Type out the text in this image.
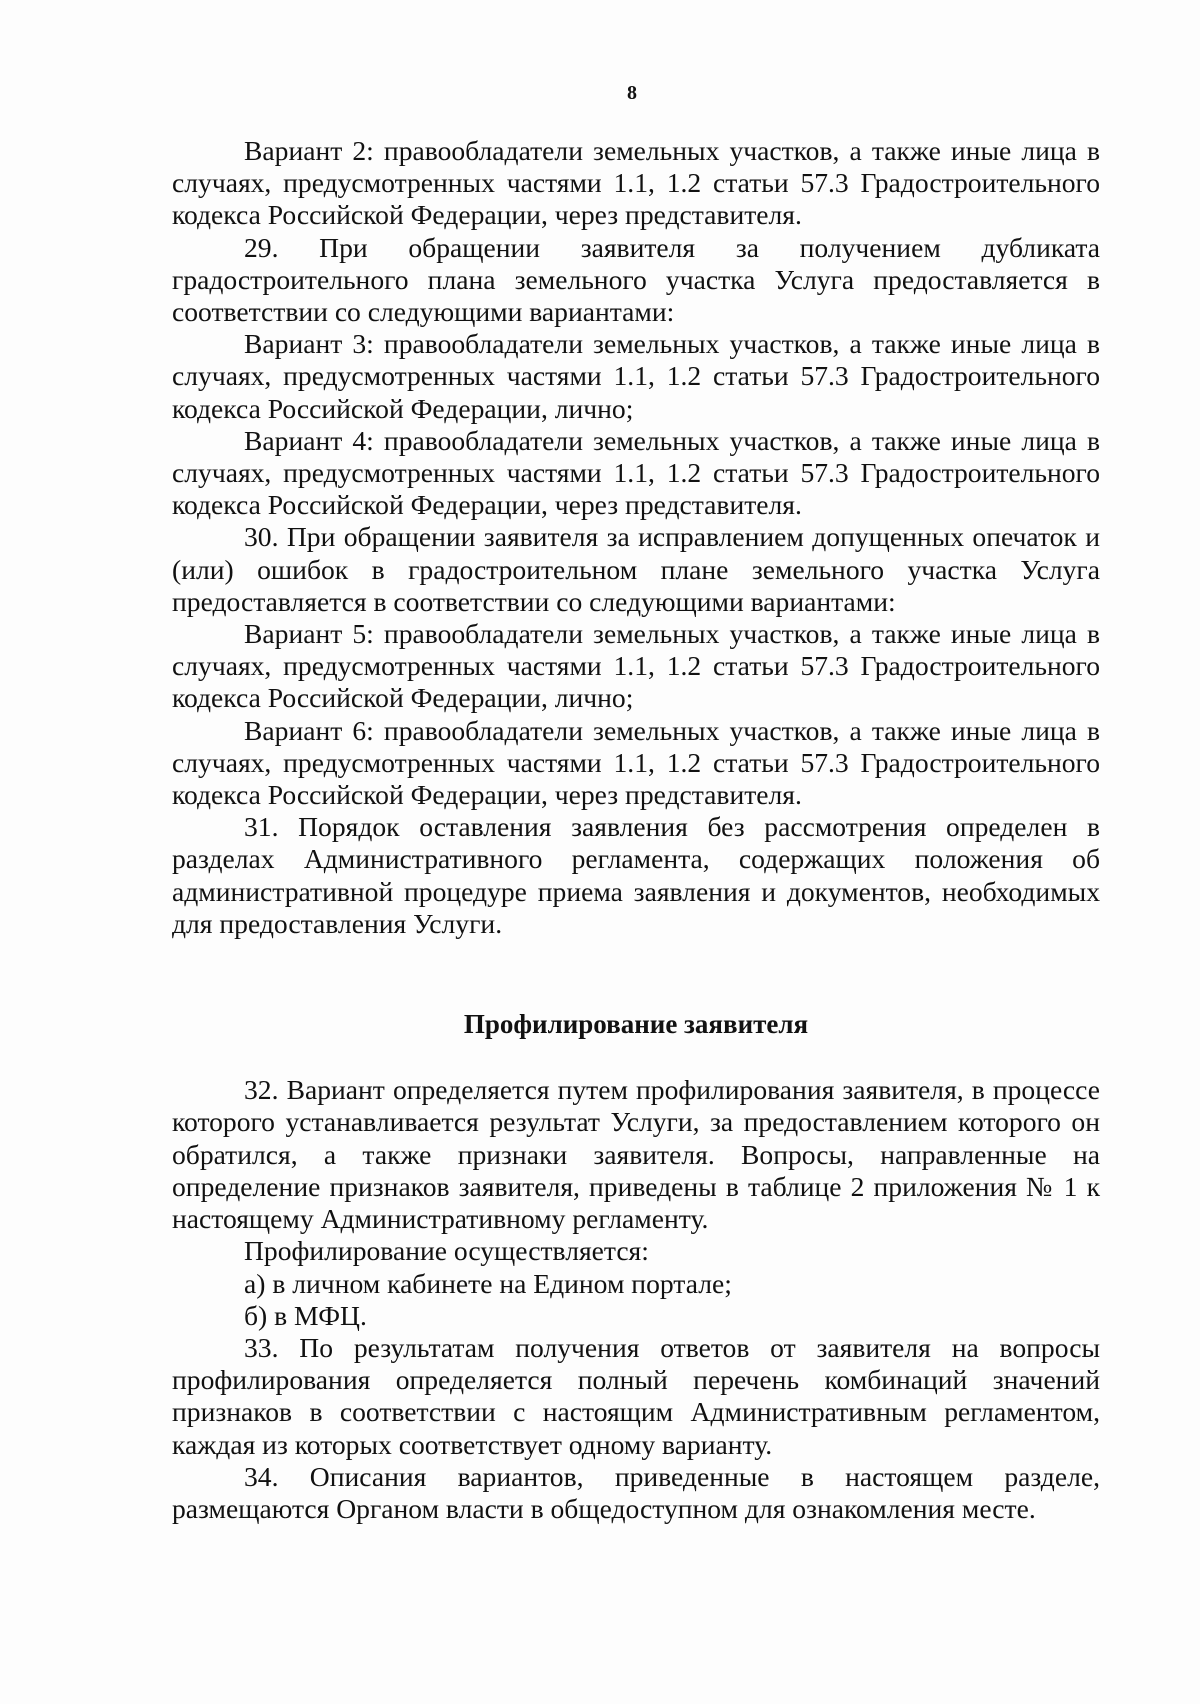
8

Вариант 2: правообладатели земельных участков, а также иные лица в случаях, предусмотренных частями 1.1, 1.2 статьи 57.3 Градостроительного кодекса Российской Федерации, через представителя.

29. При обращении заявителя за получением дубликата градостроительного плана земельного участка Услуга предоставляется в соответствии со следующими вариантами:

Вариант 3: правообладатели земельных участков, а также иные лица в случаях, предусмотренных частями 1.1, 1.2 статьи 57.3 Градостроительного кодекса Российской Федерации, лично;

Вариант 4: правообладатели земельных участков, а также иные лица в случаях, предусмотренных частями 1.1, 1.2 статьи 57.3 Градостроительного кодекса Российской Федерации, через представителя.

30. При обращении заявителя за исправлением допущенных опечаток и (или) ошибок в градостроительном плане земельного участка Услуга предоставляется в соответствии со следующими вариантами:

Вариант 5: правообладатели земельных участков, а также иные лица в случаях, предусмотренных частями 1.1, 1.2 статьи 57.3 Градостроительного кодекса Российской Федерации, лично;

Вариант 6: правообладатели земельных участков, а также иные лица в случаях, предусмотренных частями 1.1, 1.2 статьи 57.3 Градостроительного кодекса Российской Федерации, через представителя.

31. Порядок оставления заявления без рассмотрения определен в разделах Административного регламента, содержащих положения об административной процедуре приема заявления и документов, необходимых для предоставления Услуги.

Профилирование заявителя

32. Вариант определяется путем профилирования заявителя, в процессе которого устанавливается результат Услуги, за предоставлением которого он обратился, а также признаки заявителя. Вопросы, направленные на определение признаков заявителя, приведены в таблице 2 приложения № 1 к настоящему Административному регламенту.

Профилирование осуществляется:

а) в личном кабинете на Едином портале;

б) в МФЦ.

33. По результатам получения ответов от заявителя на вопросы профилирования определяется полный перечень комбинаций значений признаков в соответствии с настоящим Административным регламентом, каждая из которых соответствует одному варианту.

34. Описания вариантов, приведенные в настоящем разделе, размещаются Органом власти в общедоступном для ознакомления месте.
